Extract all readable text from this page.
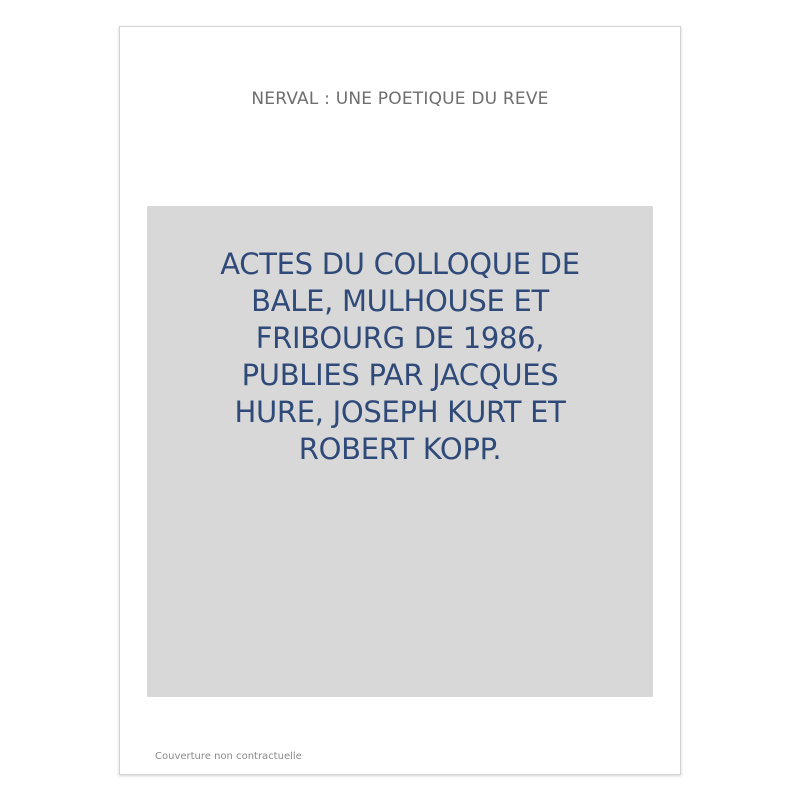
NERVAL : UNE POETIQUE DU REVE
ACTES DU COLLOQUE DE
BALE, MULHOUSE ET
FRIBOURG DE 1986,
PUBLIES PAR JACQUES
HURE, JOSEPH KURT ET
ROBERT KOPP.
Couverture non contractuelle
